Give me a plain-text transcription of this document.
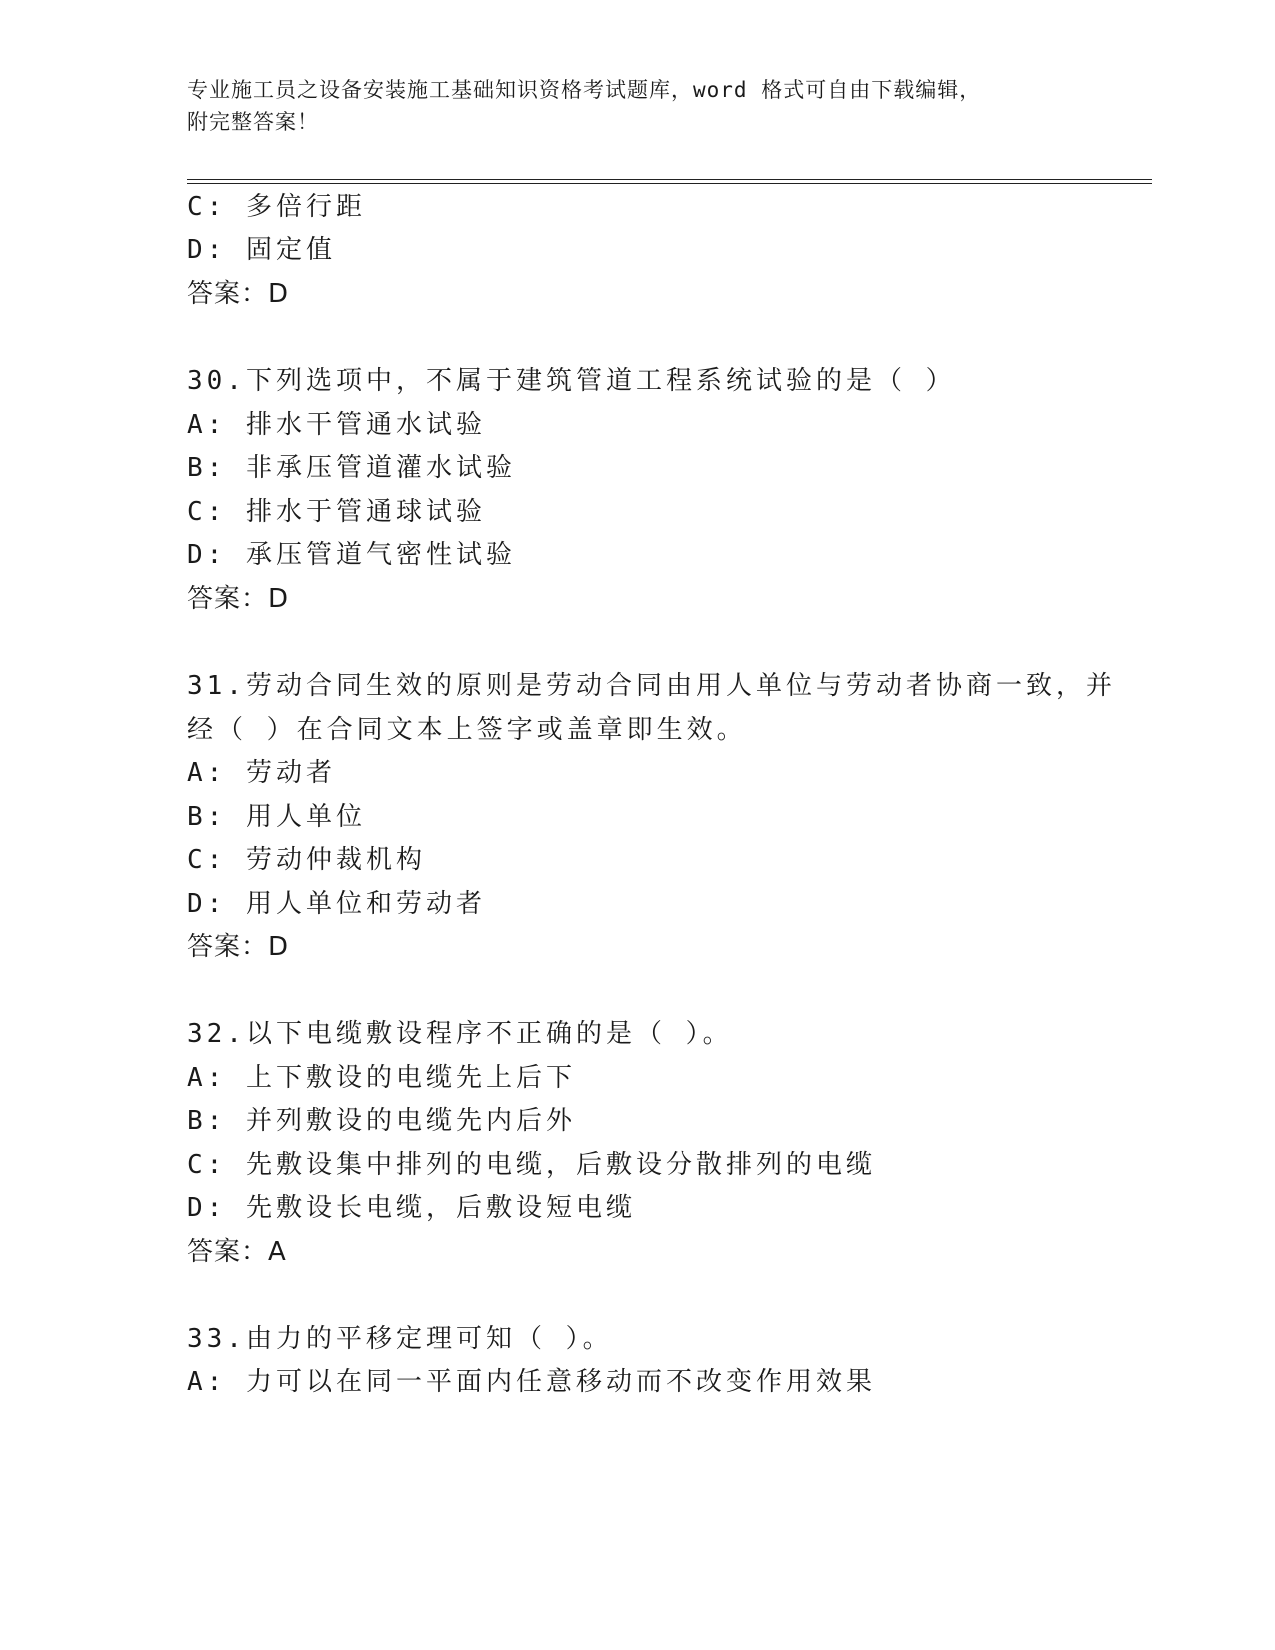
专业施工员之设备安装施工基础知识资格考试题库，word 格式可自由下载编辑，
附完整答案！
C: 多倍行距
D: 固定值
答案：D
30.下列选项中，不属于建筑管道工程系统试验的是（ ）
A: 排水干管通水试验
B: 非承压管道灌水试验
C: 排水于管通球试验
D: 承压管道气密性试验
答案：D
31.劳动合同生效的原则是劳动合同由用人单位与劳动者协商一致，并
经（ ）在合同文本上签字或盖章即生效。
A: 劳动者
B: 用人单位
C: 劳动仲裁机构
D: 用人单位和劳动者
答案：D
32.以下电缆敷设程序不正确的是（ ）。
A: 上下敷设的电缆先上后下
B: 并列敷设的电缆先内后外
C: 先敷设集中排列的电缆，后敷设分散排列的电缆
D: 先敷设长电缆，后敷设短电缆
答案：A
33.由力的平移定理可知（ ）。
A: 力可以在同一平面内任意移动而不改变作用效果
